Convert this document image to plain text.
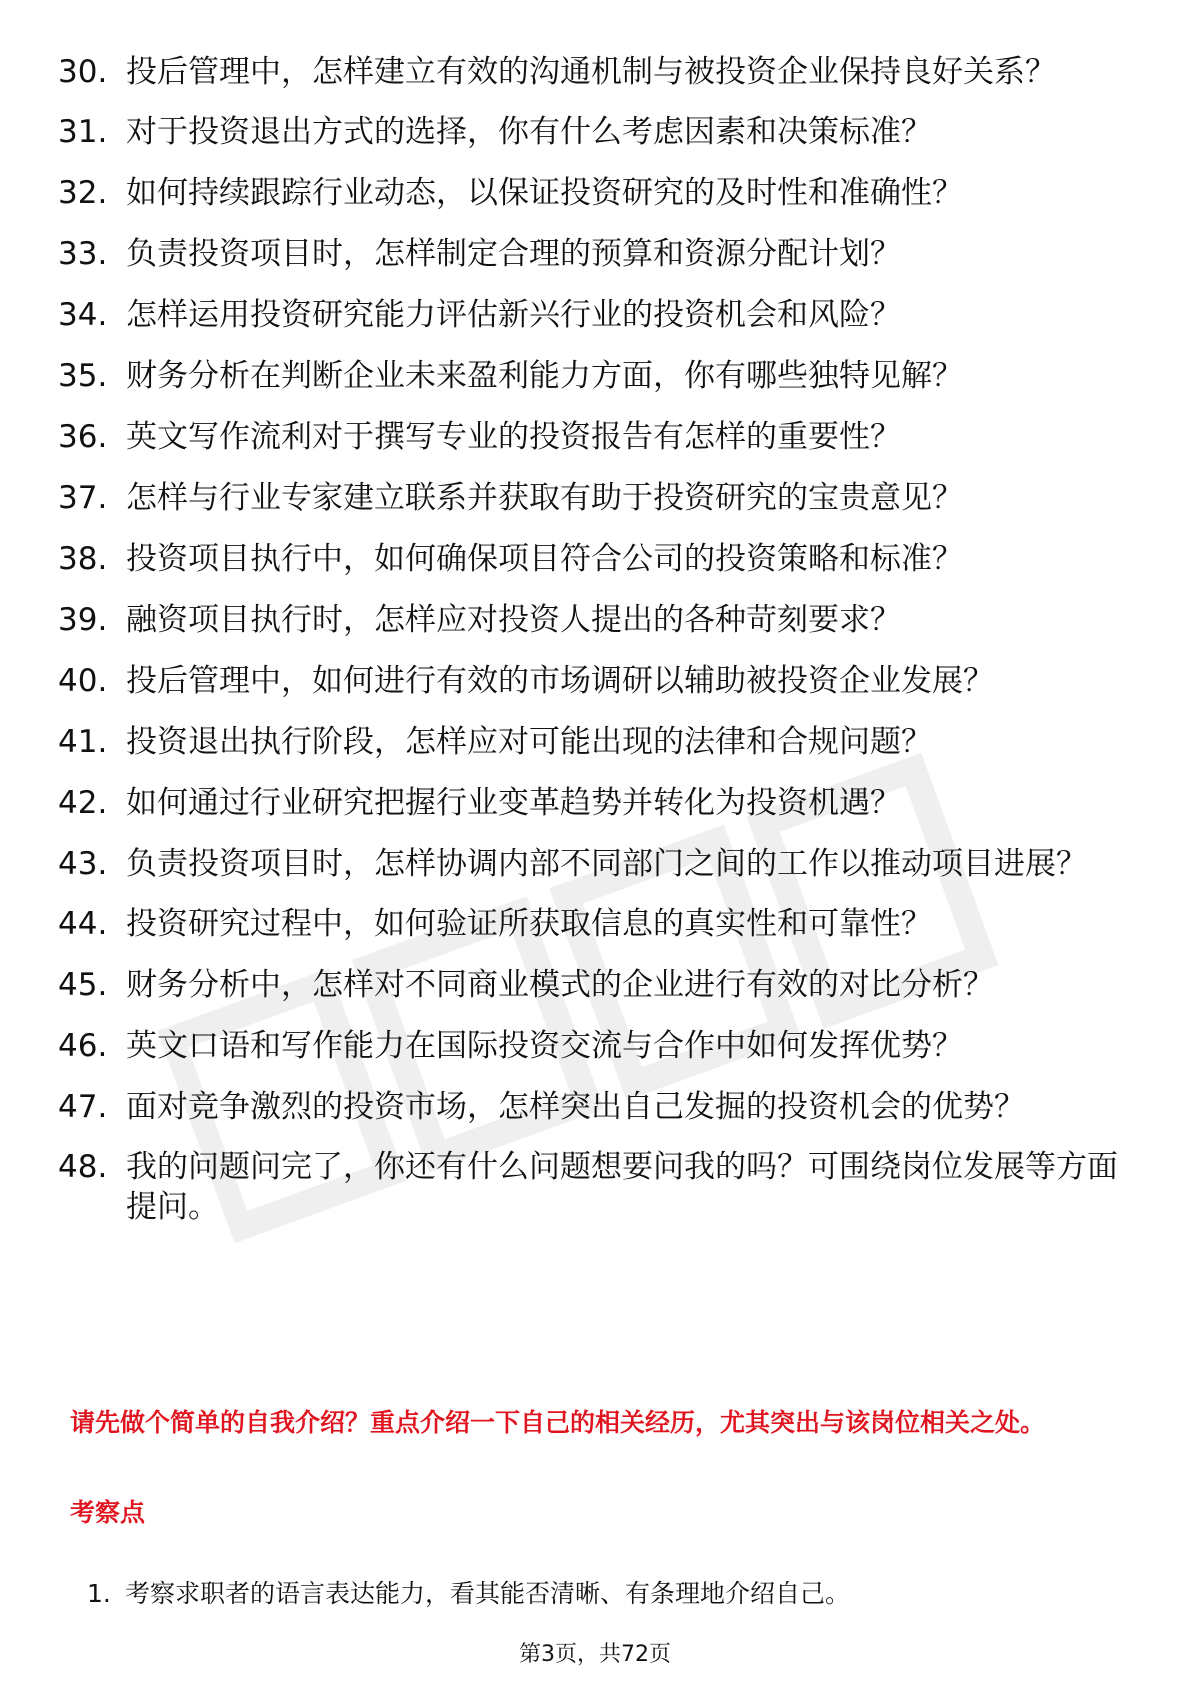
30. 投后管理中，怎样建立有效的沟通机制与被投资企业保持良好关系？
31. 对于投资退出方式的选择，你有什么考虑因素和决策标准？
32. 如何持续跟踪行业动态，以保证投资研究的及时性和准确性？
33. 负责投资项目时，怎样制定合理的预算和资源分配计划？
34. 怎样运用投资研究能力评估新兴行业的投资机会和风险？
35. 财务分析在判断企业未来盈利能力方面，你有哪些独特见解？
36. 英文写作流利对于撰写专业的投资报告有怎样的重要性？
37. 怎样与行业专家建立联系并获取有助于投资研究的宝贵意见？
38. 投资项目执行中，如何确保项目符合公司的投资策略和标准？
39. 融资项目执行时，怎样应对投资人提出的各种苛刻要求？
40. 投后管理中，如何进行有效的市场调研以辅助被投资企业发展？
41. 投资退出执行阶段，怎样应对可能出现的法律和合规问题？
42. 如何通过行业研究把握行业变革趋势并转化为投资机遇？
43. 负责投资项目时，怎样协调内部不同部门之间的工作以推动项目进展？
44. 投资研究过程中，如何验证所获取信息的真实性和可靠性？
45. 财务分析中，怎样对不同商业模式的企业进行有效的对比分析？
46. 英文口语和写作能力在国际投资交流与合作中如何发挥优势？
47. 面对竞争激烈的投资市场，怎样突出自己发掘的投资机会的优势？
48. 我的问题问完了，你还有什么问题想要问我的吗？可围绕岗位发展等方面提问。
请先做个简单的自我介绍？重点介绍一下自己的相关经历，尤其突出与该岗位相关之处。
考察点
1. 考察求职者的语言表达能力，看其能否清晰、有条理地介绍自己。
第3页，共72页
